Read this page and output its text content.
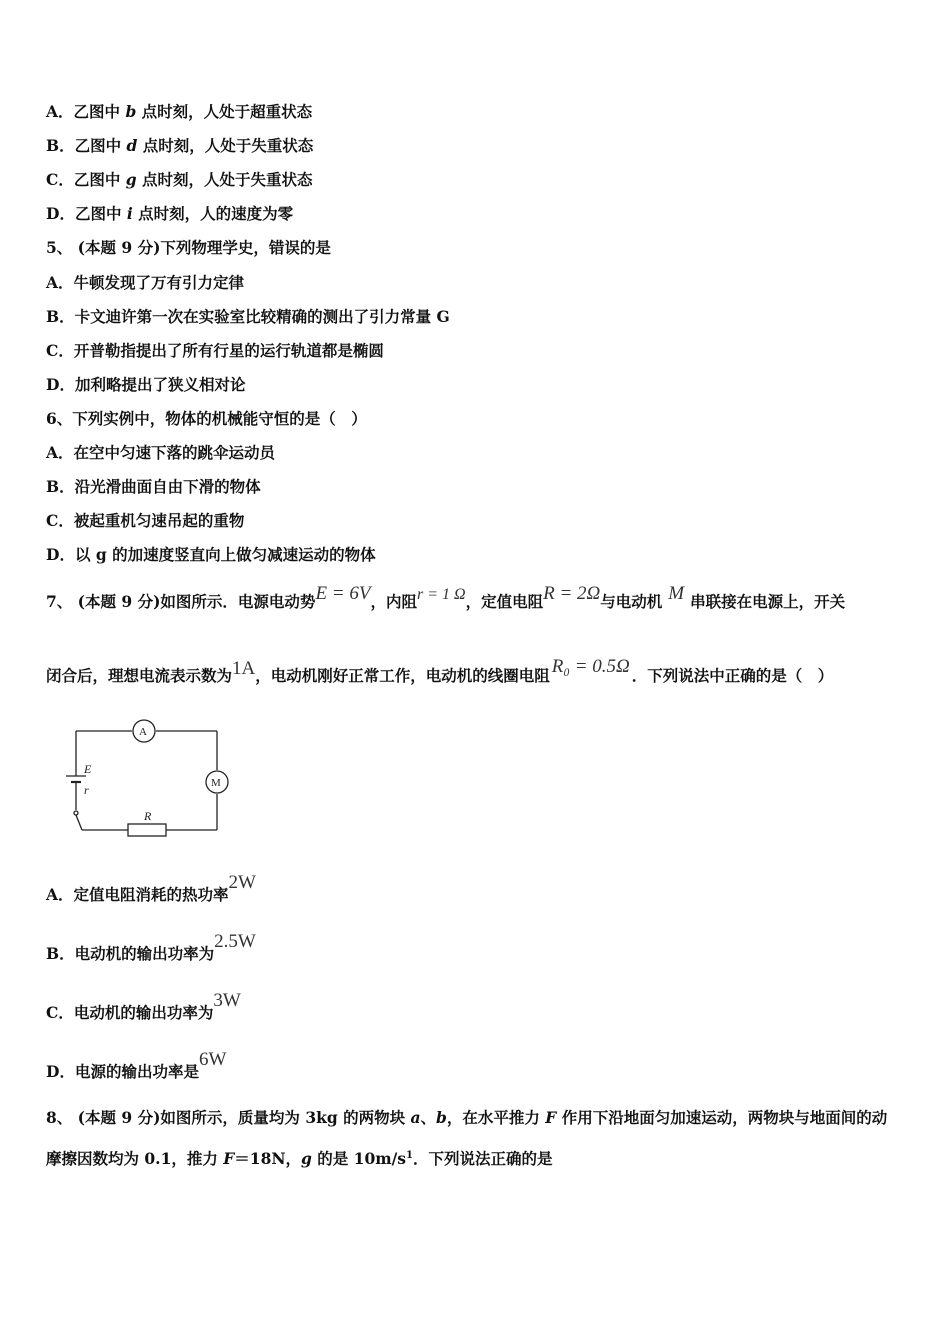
A．乙图中 b 点时刻，人处于超重状态
B．乙图中 d 点时刻，人处于失重状态
C．乙图中 g 点时刻，人处于失重状态
D．乙图中 i 点时刻，人的速度为零
5、 (本题 9 分)下列物理学史，错误的是
A．牛顿发现了万有引力定律
B．卡文迪许第一次在实验室比较精确的测出了引力常量 G
C．开普勒指提出了所有行星的运行轨道都是椭圆
D．加利略提出了狭义相对论
6、下列实例中，物体的机械能守恒的是（　）
A．在空中匀速下落的跳伞运动员
B．沿光滑曲面自由下滑的物体
C．被起重机匀速吊起的重物
D．以 g 的加速度竖直向上做匀减速运动的物体
7、 (本题 9 分)如图所示．电源电动势E = 6V，内阻r = 1 Ω，定值电阻R = 2Ω与电动机 M 串联接在电源上，开关
闭合后，理想电流表示数为1A，电动机刚好正常工作，电动机的线圈电阻 R₀ = 0.5Ω ．下列说法中正确的是（　）
A
M
E
r
R
A．定值电阻消耗的热功率2W
B．电动机的输出功率为2.5W
C．电动机的输出功率为3W
D．电源的输出功率是6W
8、 (本题 9 分)如图所示，质量均为 3kg 的两物块 a、b，在水平推力 F 作用下沿地面匀加速运动，两物块与地面间的动
摩擦因数均为 0.1，推力 F＝18N，g 的是 $10m/s^1$．下列说法正确的是
